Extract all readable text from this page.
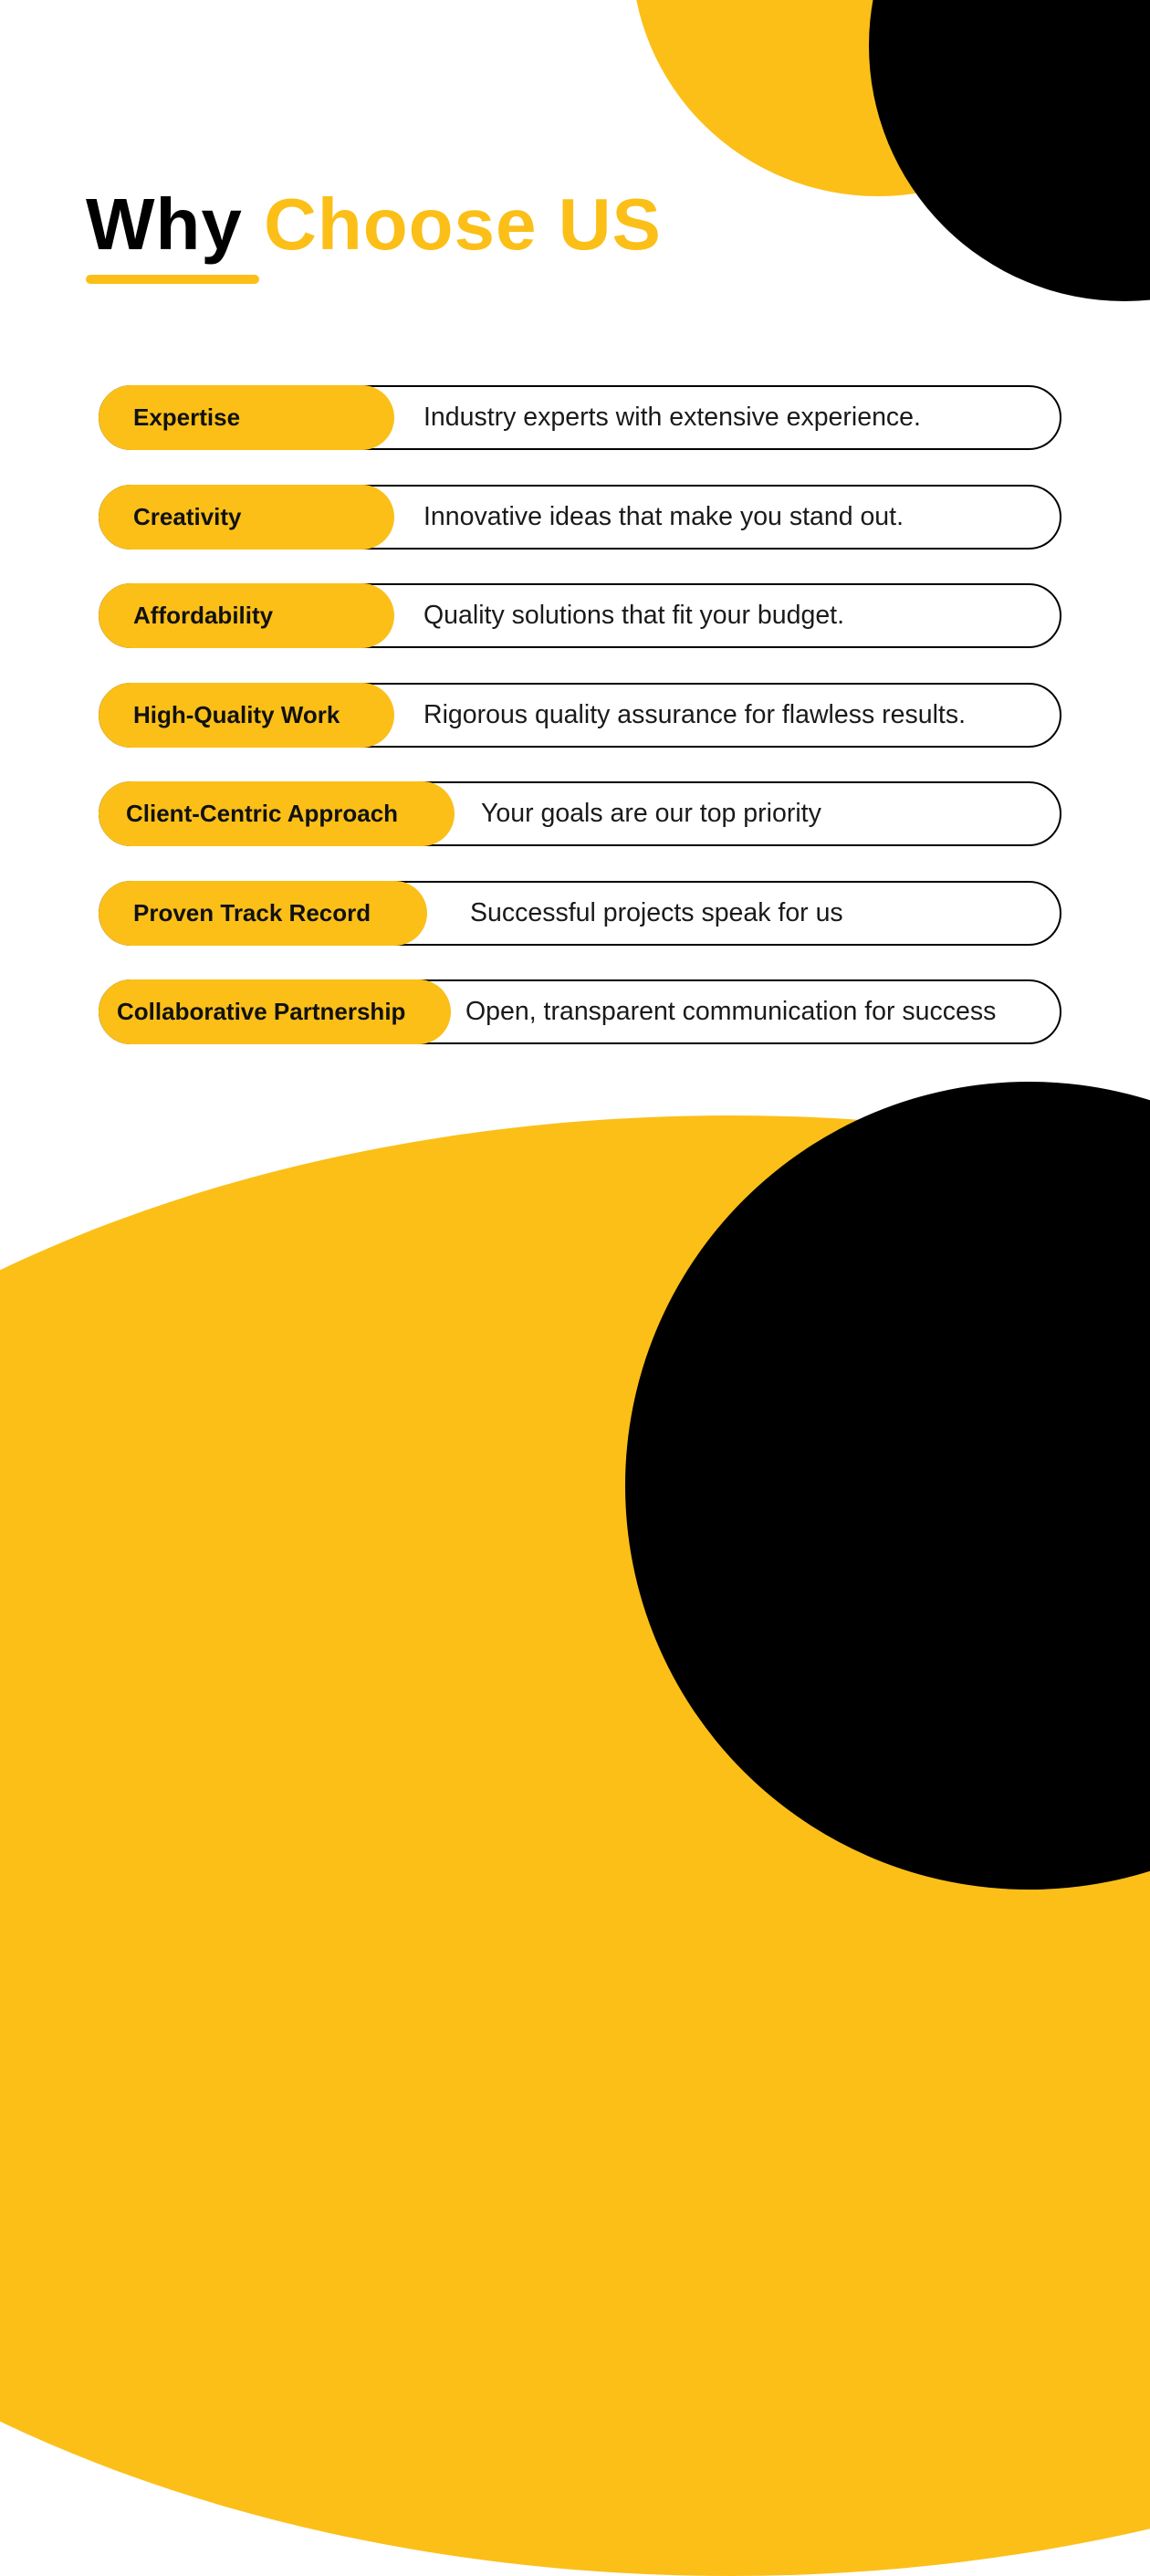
Why Choose US
Expertise	Industry experts with extensive experience.
Creativity	Innovative ideas that make you stand out.
Affordability	Quality solutions that fit your budget.
High-Quality Work	Rigorous quality assurance for flawless results.
Client-Centric Approach	Your goals are our top priority
Proven Track Record	Successful projects speak for us
Collaborative Partnership	Open, transparent communication for success
